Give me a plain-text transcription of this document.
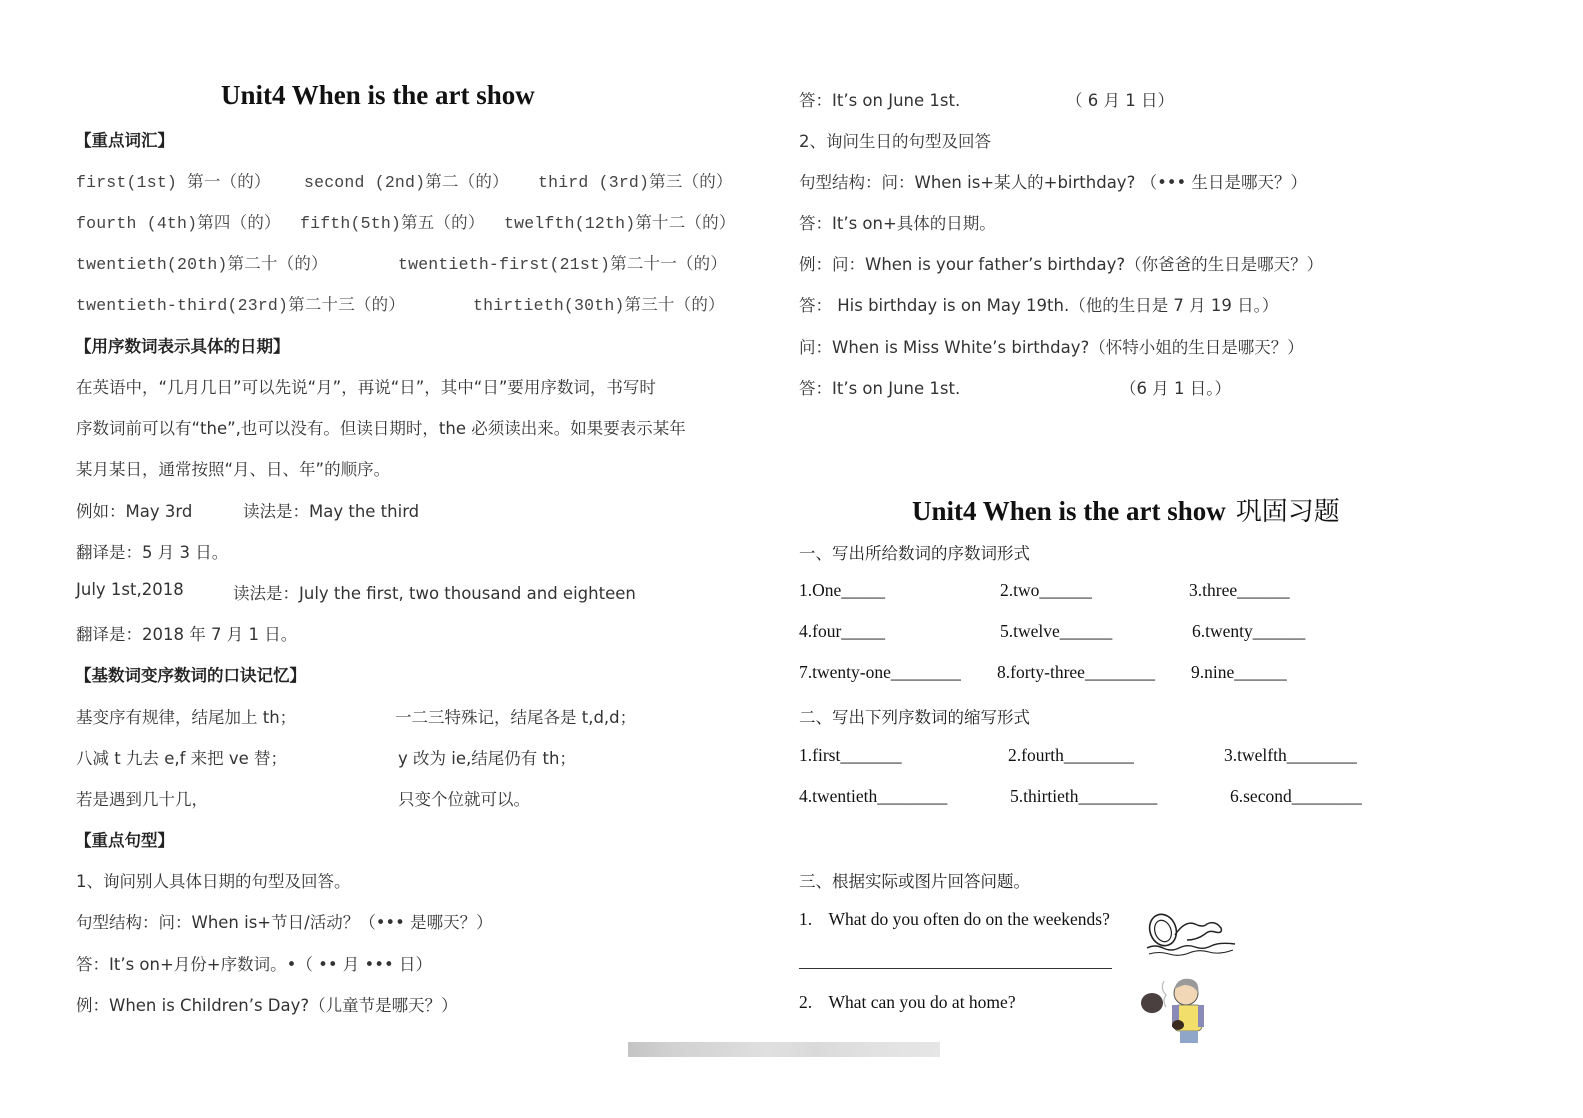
Unit4 When is the art show
【重点词汇】
first(1st) 第一（的） second (2nd)第二（的） third (3rd)第三（的）
fourth (4th)第四（的） fifth(5th)第五（的） twelfth(12th)第十二（的）
twentieth(20th)第二十（的）	twentieth-first(21st)第二十一（的）
twentieth-third(23rd)第二十三（的）	thirtieth(30th)第三十（的）
【用序数词表示具体的日期】
在英语中，“几月几日”可以先说“月”，再说“日”，其中“日”要用序数词，书写时
序数词前可以有“the”,也可以没有。但读日期时，the 必须读出来。如果要表示某年
某月某日，通常按照“月、日、年”的顺序。
例如：May 3rd	读法是：May the third
翻译是：5 月 3 日。
July 1st,2018	读法是：July the first, two thousand and eighteen
翻译是：2018 年 7 月 1 日。
【基数词变序数词的口诀记忆】
基变序有规律，结尾加上 th；	一二三特殊记，结尾各是 t,d,d；
八减 t 九去 e,f 来把 ve 替；	y 改为 ie,结尾仍有 th；
若是遇到几十几，	只变个位就可以。
【重点句型】
1、询问别人具体日期的句型及回答。
句型结构：问：When is+节日/活动？（••• 是哪天？）
答：It’s on+月份+序数词。•（ •• 月 ••• 日）
例：When is Children’s Day?（儿童节是哪天？）
答：It’s on June 1st.	（ 6 月 1 日）
2、询问生日的句型及回答
句型结构：问：When is+某人的+birthday? （••• 生日是哪天？）
答：It’s on+具体的日期。
例：问：When is your father’s birthday?（你爸爸的生日是哪天？）
答： His birthday is on May 19th.（他的生日是 7 月 19 日。）
问：When is Miss White’s birthday?（怀特小姐的生日是哪天？）
答：It’s on June 1st.	（6 月 1 日。）
Unit4 When is the art show 巩固习题
一、写出所给数词的序数词形式
1.One_____	2.two______	3.three______
4.four_____	5.twelve______	6.twenty______
7.twenty-one________ 8.forty-three________ 9.nine______
二、写出下列序数词的缩写形式
1.first_______	2.fourth________	3.twelfth________
4.twentieth________	5.thirtieth_________	6.second________
三、根据实际或图片回答问题。
1. What do you often do on the weekends?
2. What can you do at home?
